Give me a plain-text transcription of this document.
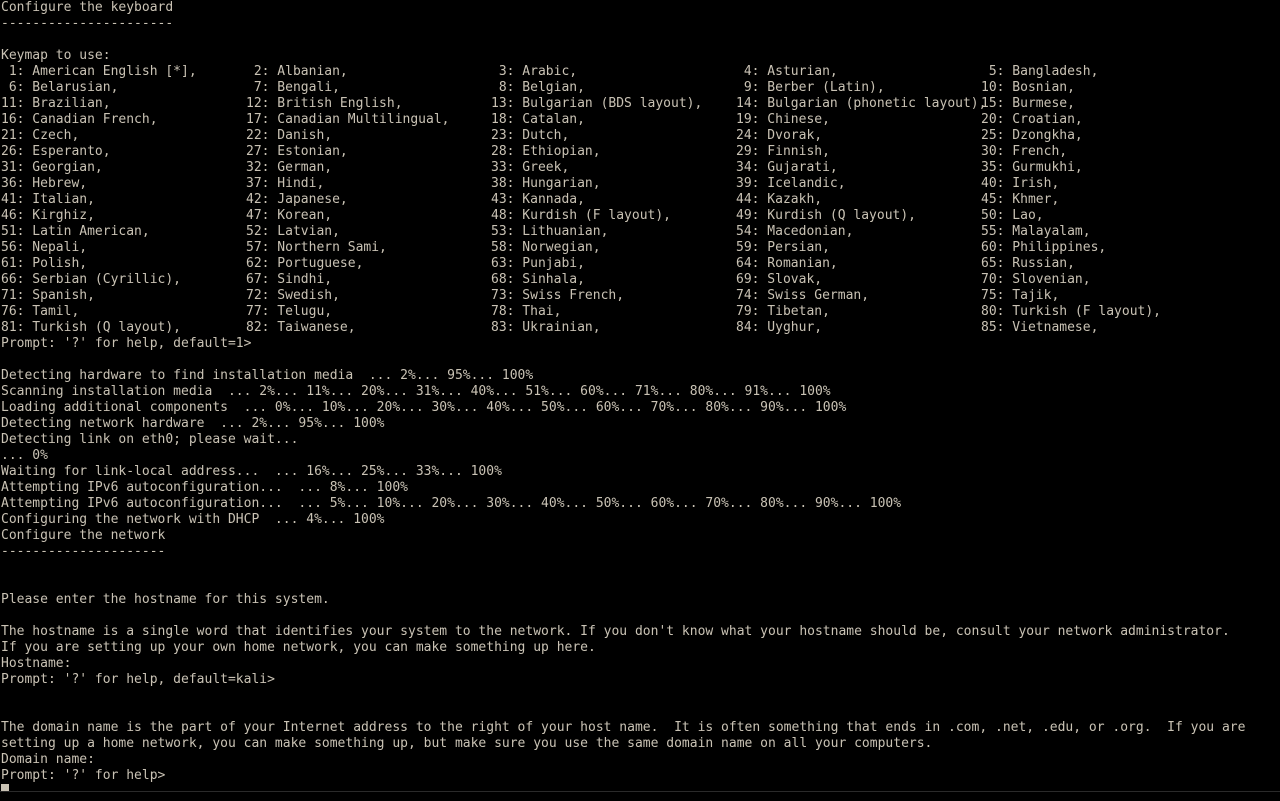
Configure the keyboard
----------------------
Keymap to use:
1: American English [*],	2: Albanian,	3: Arabic,	4: Asturian,	5: Bangladesh,
6: Belarusian,	7: Bengali,	8: Belgian,	9: Berber (Latin),	10: Bosnian,
11: Brazilian,	12: British English,	13: Bulgarian (BDS layout),	14: Bulgarian (phonetic layout),15: Burmese,
16: Canadian French,	17: Canadian Multilingual,	18: Catalan,	19: Chinese,	20: Croatian,
21: Czech,	22: Danish,	23: Dutch,	24: Dvorak,	25: Dzongkha,
26: Esperanto,	27: Estonian,	28: Ethiopian,	29: Finnish,	30: French,
31: Georgian,	32: German,	33: Greek,	34: Gujarati,	35: Gurmukhi,
36: Hebrew,	37: Hindi,	38: Hungarian,	39: Icelandic,	40: Irish,
41: Italian,	42: Japanese,	43: Kannada,	44: Kazakh,	45: Khmer,
46: Kirghiz,	47: Korean,	48: Kurdish (F layout),	49: Kurdish (Q layout),	50: Lao,
51: Latin American,	52: Latvian,	53: Lithuanian,	54: Macedonian,	55: Malayalam,
56: Nepali,	57: Northern Sami,	58: Norwegian,	59: Persian,	60: Philippines,
61: Polish,	62: Portuguese,	63: Punjabi,	64: Romanian,	65: Russian,
66: Serbian (Cyrillic),	67: Sindhi,	68: Sinhala,	69: Slovak,	70: Slovenian,
71: Spanish,	72: Swedish,	73: Swiss French,	74: Swiss German,	75: Tajik,
76: Tamil,	77: Telugu,	78: Thai,	79: Tibetan,	80: Turkish (F layout),
81: Turkish (Q layout),	82: Taiwanese,	83: Ukrainian,	84: Uyghur,	85: Vietnamese,
Prompt: '?' for help, default=1>
Detecting hardware to find installation media  ... 2%... 95%... 100%
Scanning installation media  ... 2%... 11%... 20%... 31%... 40%... 51%... 60%... 71%... 80%... 91%... 100%
Loading additional components  ... 0%... 10%... 20%... 30%... 40%... 50%... 60%... 70%... 80%... 90%... 100%
Detecting network hardware  ... 2%... 95%... 100%
Detecting link on eth0; please wait...
... 0%
Waiting for link-local address...  ... 16%... 25%... 33%... 100%
Attempting IPv6 autoconfiguration...  ... 8%... 100%
Attempting IPv6 autoconfiguration...  ... 5%... 10%... 20%... 30%... 40%... 50%... 60%... 70%... 80%... 90%... 100%
Configuring the network with DHCP  ... 4%... 100%
Configure the network
---------------------
Please enter the hostname for this system.
The hostname is a single word that identifies your system to the network. If you don't know what your hostname should be, consult your network administrator.
If you are setting up your own home network, you can make something up here.
Hostname:
Prompt: '?' for help, default=kali>
The domain name is the part of your Internet address to the right of your host name.  It is often something that ends in .com, .net, .edu, or .org.  If you are
setting up a home network, you can make something up, but make sure you use the same domain name on all your computers.
Domain name:
Prompt: '?' for help>
